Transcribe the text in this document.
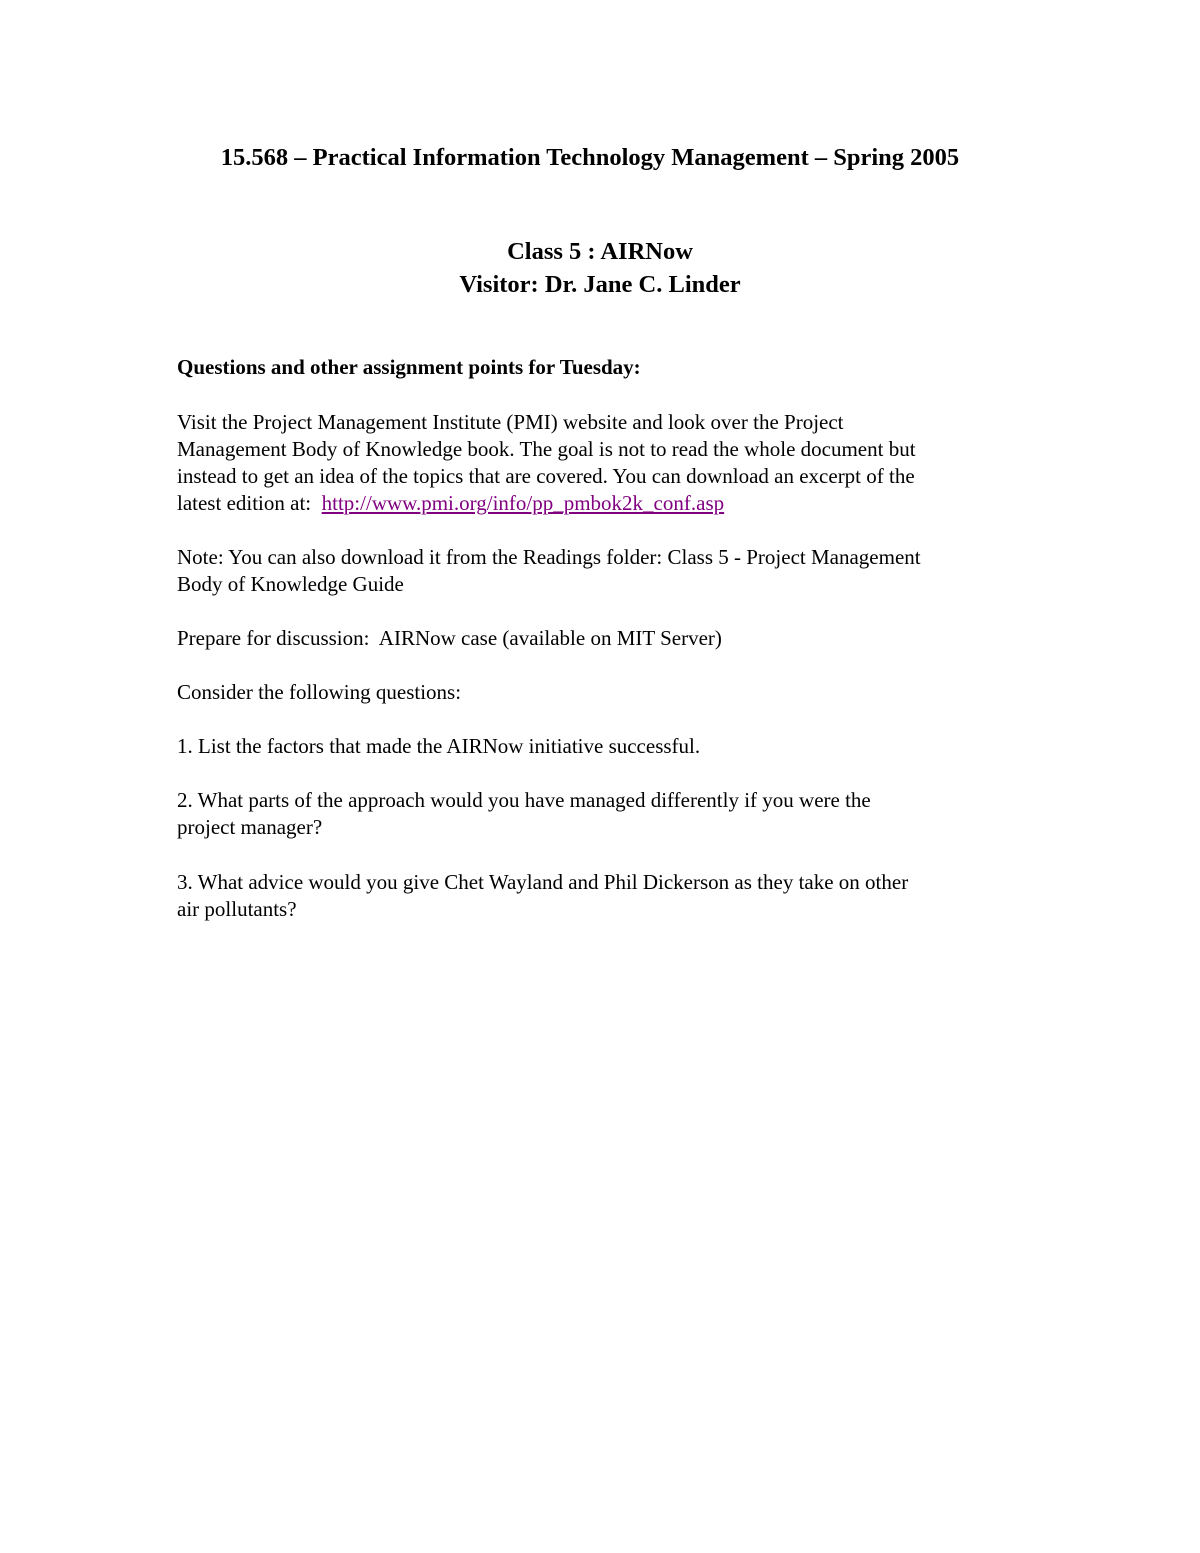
15.568 – Practical Information Technology Management – Spring 2005
Class 5 : AIRNow
Visitor: Dr. Jane C. Linder
Questions and other assignment points for Tuesday:
Visit the Project Management Institute (PMI) website and look over the Project
Management Body of Knowledge book. The goal is not to read the whole document but
instead to get an idea of the topics that are covered. You can download an excerpt of the
latest edition at:  http://www.pmi.org/info/pp_pmbok2k_conf.asp
Note: You can also download it from the Readings folder: Class 5 - Project Management
Body of Knowledge Guide
Prepare for discussion:  AIRNow case (available on MIT Server)
Consider the following questions:
1. List the factors that made the AIRNow initiative successful.
2. What parts of the approach would you have managed differently if you were the
project manager?
3. What advice would you give Chet Wayland and Phil Dickerson as they take on other
air pollutants?
